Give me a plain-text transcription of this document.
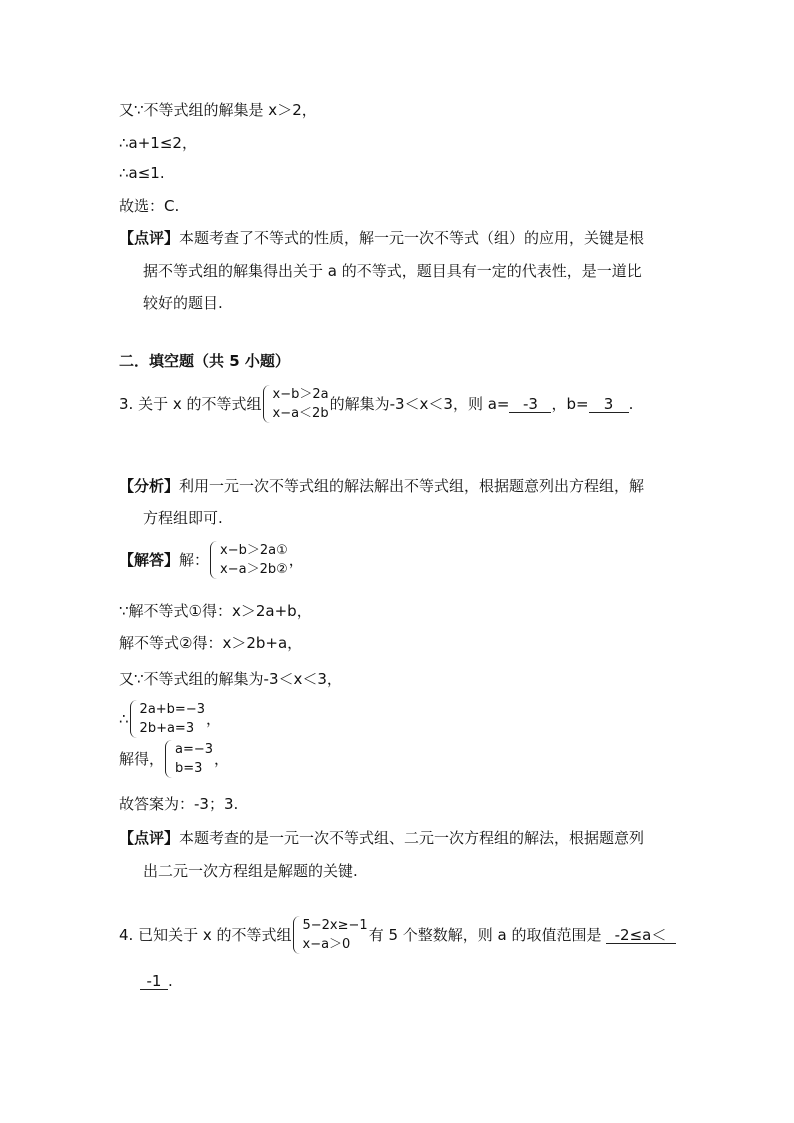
又∵不等式组的解集是 x＞2，
∴a+1≤2，
∴a≤1.
故选：C.
【点评】本题考查了不等式的性质，解一元一次不等式（组）的应用，关键是根
据不等式组的解集得出关于 a 的不等式，题目具有一定的代表性，是一道比
较好的题目.
二．填空题（共 5 小题）
3. 关于 x 的不等式组 x−b＞2a
x−a＜2b
的解集为-3＜x＜3，则 a= -3 ，b=	3	.
【分析】利用一元一次不等式组的解法解出不等式组，根据题意列出方程组，解
方程组即可.
【解答】 解： x−b＞2a①
x−a＞2b②
，
∵解不等式①得：x＞2a+b，
解不等式②得：x＞2b+a，
又∵不等式组的解集为-3＜x＜3，
∴ 2a+b=−3
2b+a=3
，
解得， a=−3
b=3
，
故答案为：-3；3.
【点评】本题考查的是一元一次不等式组、二元一次方程组的解法，根据题意列
出二元一次方程组是解题的关键.
4. 已知关于 x 的不等式组 5−2x≥−1
x−a＞0
有 5 个整数解，则 a 的取值范围是 -2≤a＜
-1 .
